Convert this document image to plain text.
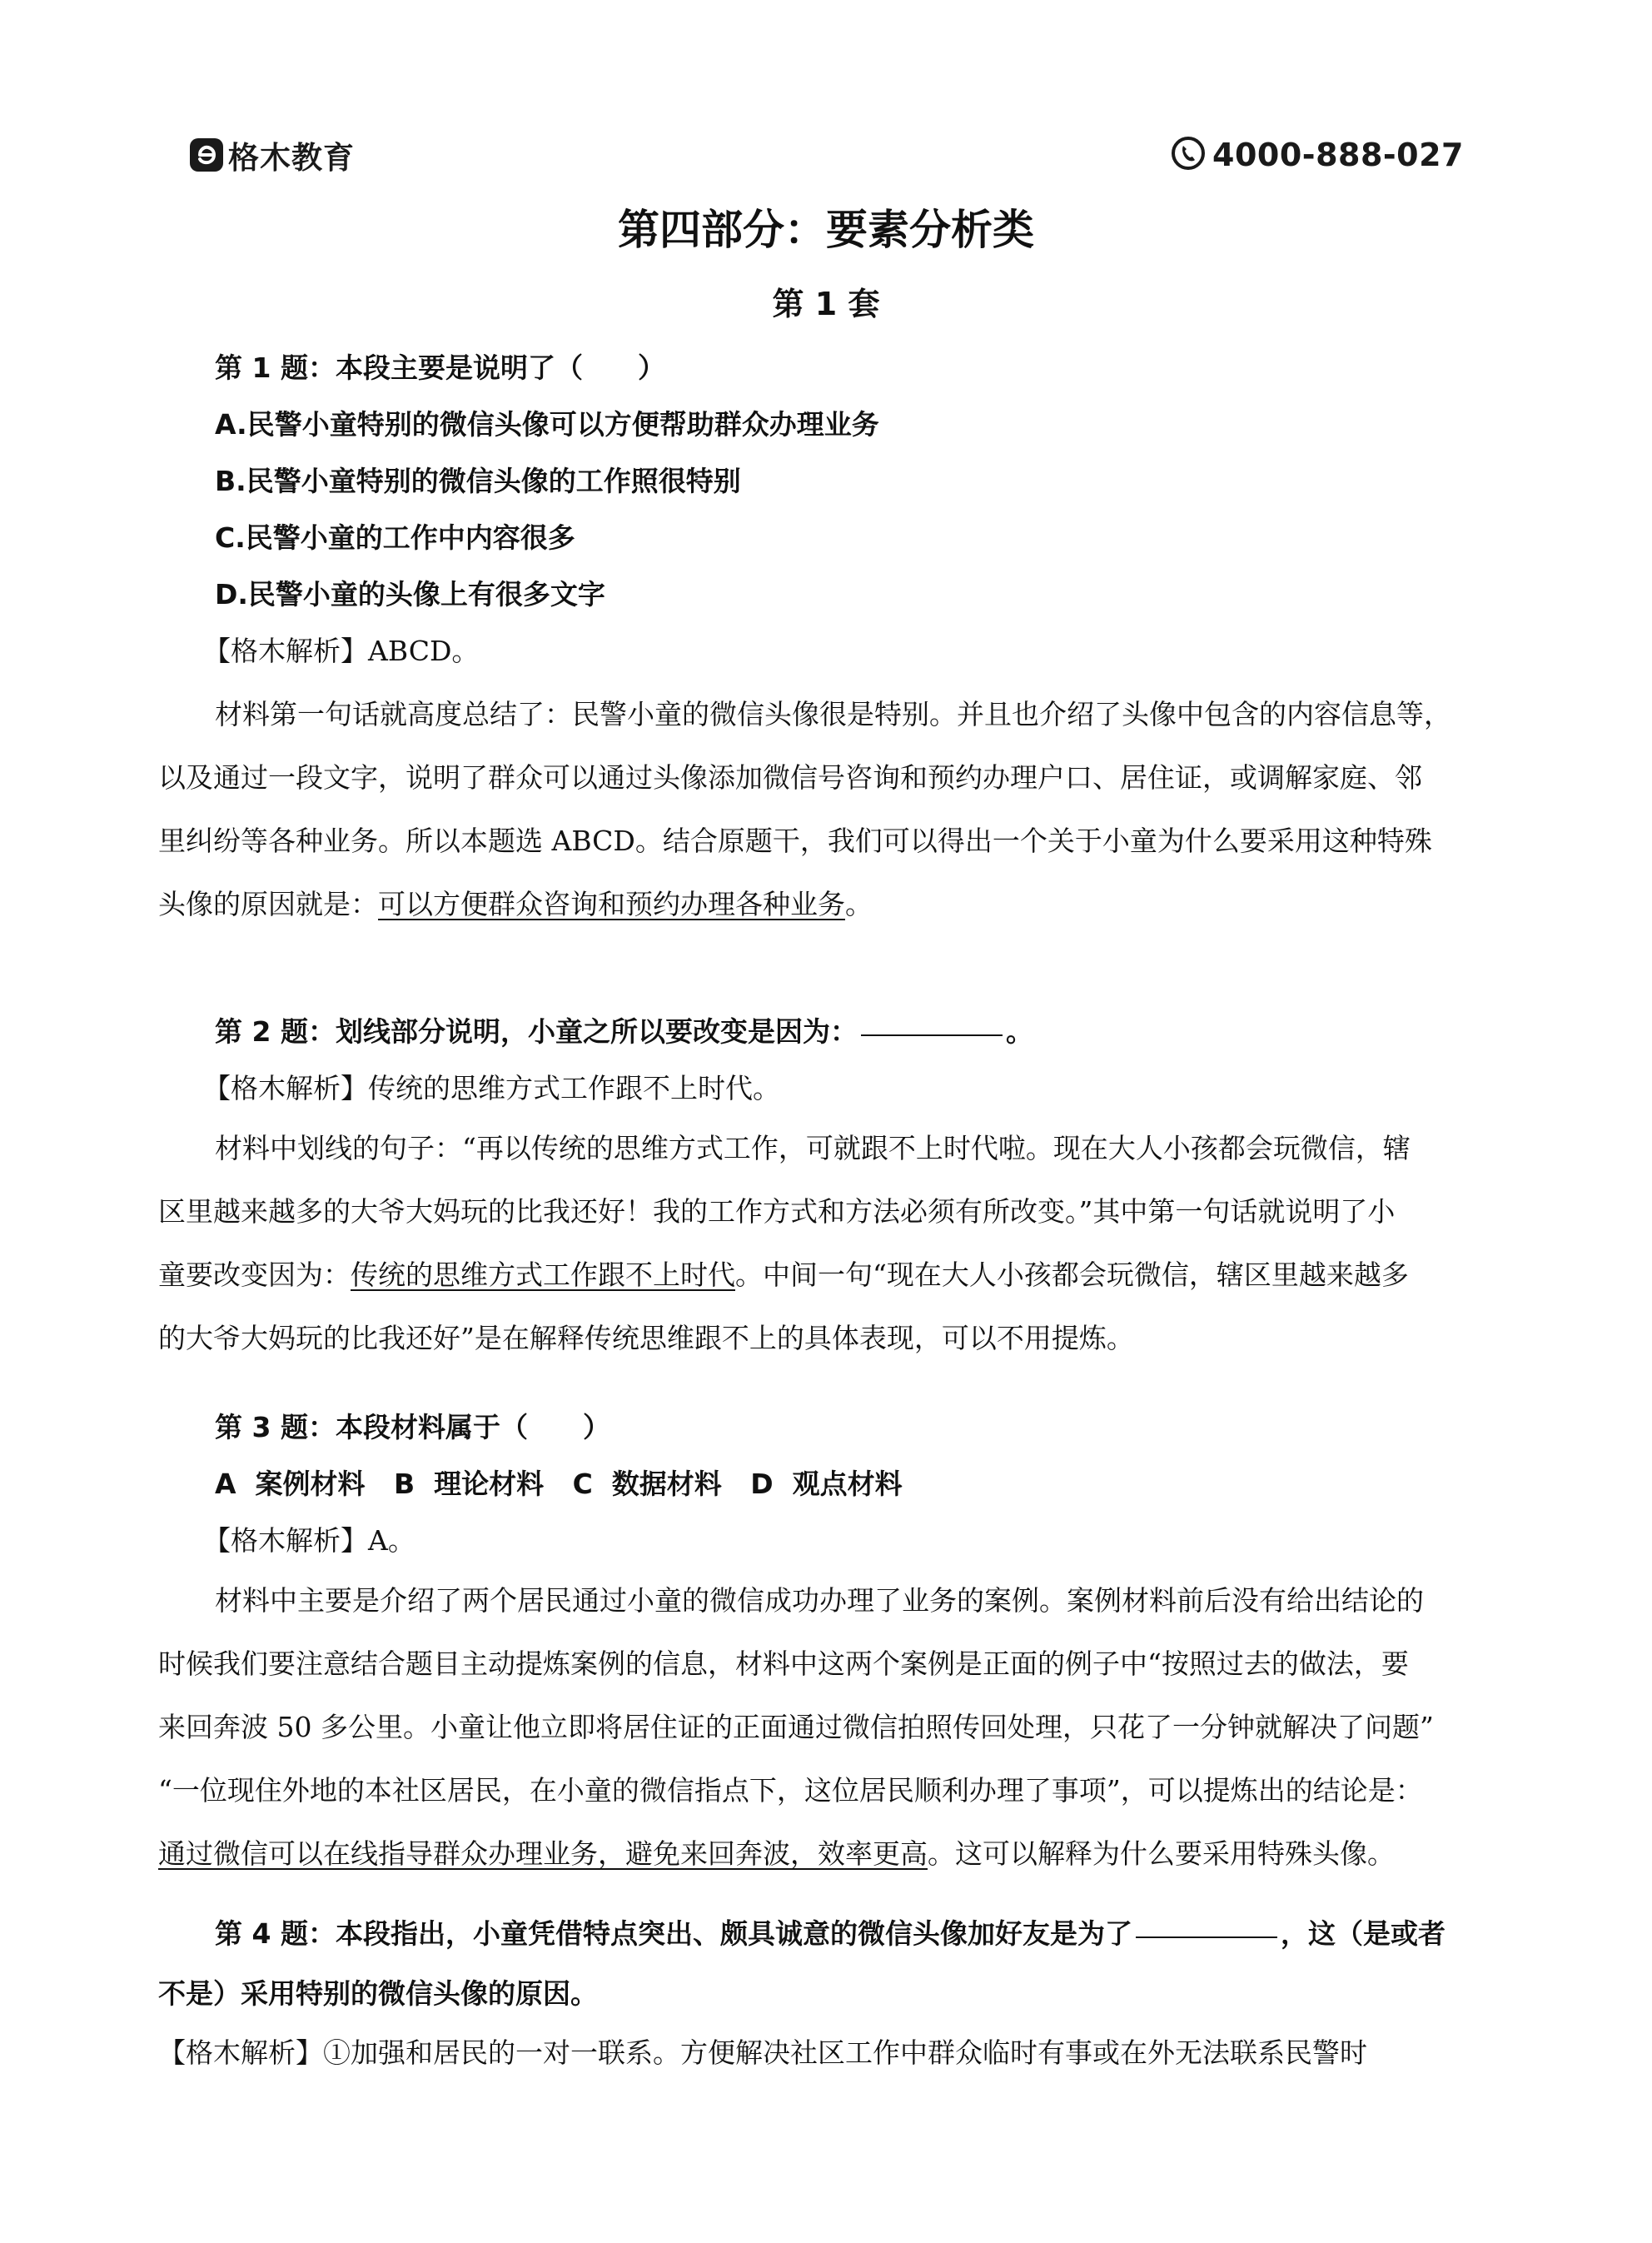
格木教育	4000-888-027
第四部分：要素分析类
第 1 套

第 1 题：本段主要是说明了（　　）

A.民警小童特别的微信头像可以方便帮助群众办理业务

B.民警小童特别的微信头像的工作照很特别

C.民警小童的工作中内容很多

D.民警小童的头像上有很多文字

【格木解析】ABCD。

材料第一句话就高度总结了：民警小童的微信头像很是特别。并且也介绍了头像中包含的内容信息等，

以及通过一段文字，说明了群众可以通过头像添加微信号咨询和预约办理户口、居住证，或调解家庭、邻

里纠纷等各种业务。所以本题选 ABCD。结合原题干，我们可以得出一个关于小童为什么要采用这种特殊

头像的原因就是：可以方便群众咨询和预约办理各种业务。

第 2 题：划线部分说明，小童之所以要改变是因为：	。

【格木解析】传统的思维方式工作跟不上时代。

材料中划线的句子：“再以传统的思维方式工作，可就跟不上时代啦。现在大人小孩都会玩微信，辖

区里越来越多的大爷大妈玩的比我还好！我的工作方式和方法必须有所改变。”其中第一句话就说明了小

童要改变因为：传统的思维方式工作跟不上时代。中间一句“现在大人小孩都会玩微信，辖区里越来越多

的大爷大妈玩的比我还好”是在解释传统思维跟不上的具体表现，可以不用提炼。

第 3 题：本段材料属于（　　）

A  案例材料   B  理论材料   C  数据材料   D  观点材料

【格木解析】A。

材料中主要是介绍了两个居民通过小童的微信成功办理了业务的案例。案例材料前后没有给出结论的

时候我们要注意结合题目主动提炼案例的信息，材料中这两个案例是正面的例子中“按照过去的做法，要

来回奔波 50 多公里。小童让他立即将居住证的正面通过微信拍照传回处理，只花了一分钟就解决了问题”

“一位现住外地的本社区居民，在小童的微信指点下，这位居民顺利办理了事项”，可以提炼出的结论是：

通过微信可以在线指导群众办理业务，避免来回奔波，效率更高。这可以解释为什么要采用特殊头像。

第 4 题：本段指出，小童凭借特点突出、颇具诚意的微信头像加好友是为了	，这（是或者

不是）采用特别的微信头像的原因。

【格木解析】①加强和居民的一对一联系。方便解决社区工作中群众临时有事或在外无法联系民警时
